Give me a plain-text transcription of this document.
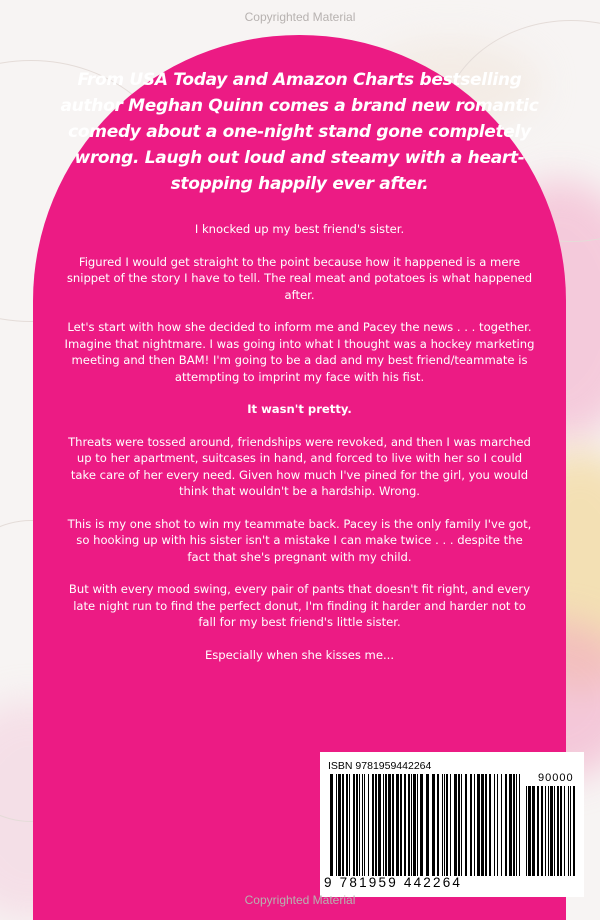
Copyrighted Material
From USA Today and Amazon Charts bestselling author Meghan Quinn comes a brand new romantic comedy about a one-night stand gone completely wrong. Laugh out loud and steamy with a heart-stopping happily ever after.

I knocked up my best friend's sister.

Figured I would get straight to the point because how it happened is a mere snippet of the story I have to tell. The real meat and potatoes is what happened after.

Let's start with how she decided to inform me and Pacey the news . . . together. Imagine that nightmare. I was going into what I thought was a hockey marketing meeting and then BAM! I'm going to be a dad and my best friend/teammate is attempting to imprint my face with his fist.

It wasn't pretty.

Threats were tossed around, friendships were revoked, and then I was marched up to her apartment, suitcases in hand, and forced to live with her so I could take care of her every need. Given how much I've pined for the girl, you would think that wouldn't be a hardship. Wrong.

This is my one shot to win my teammate back. Pacey is the only family I've got, so hooking up with his sister isn't a mistake I can make twice . . . despite the fact that she's pregnant with my child.

But with every mood swing, every pair of pants that doesn't fit right, and every late night run to find the perfect donut, I'm finding it harder and harder not to fall for my best friend's little sister.

Especially when she kisses me...

ISBN 9781959442264
90000
9 781959 442264
Copyrighted Material
